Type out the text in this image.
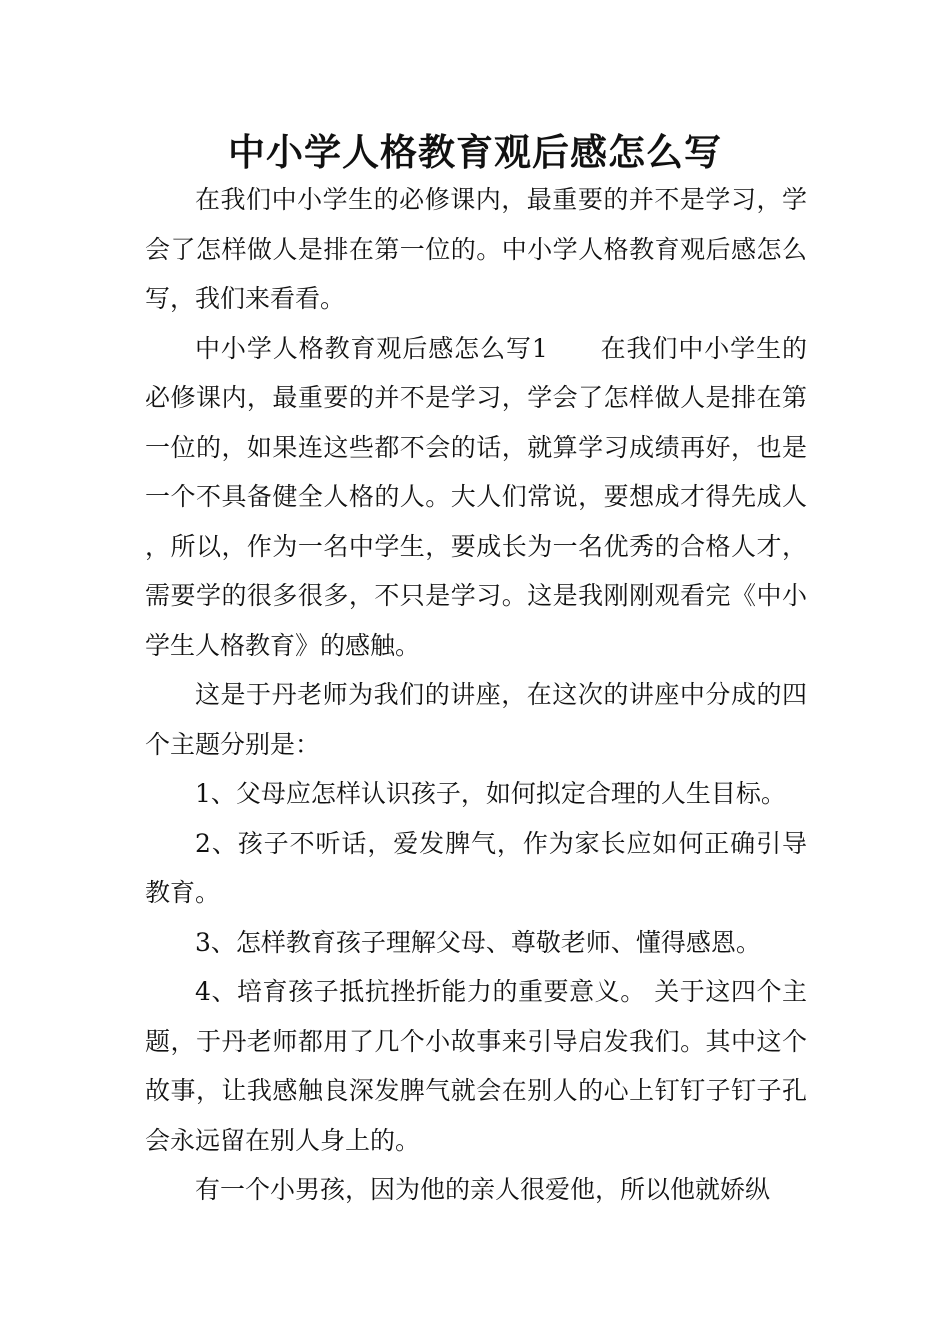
中小学人格教育观后感怎么写

在我们中小学生的必修课内，最重要的并不是学习，学会了怎样做人是排在第一位的。中小学人格教育观后感怎么写，我们来看看。

中小学人格教育观后感怎么写1　　在我们中小学生的必修课内，最重要的并不是学习，学会了怎样做人是排在第一位的，如果连这些都不会的话，就算学习成绩再好，也是一个不具备健全人格的人。大人们常说，要想成才得先成人，所以，作为一名中学生，要成长为一名优秀的合格人才，需要学的很多很多，不只是学习。这是我刚刚观看完《中小学生人格教育》的感触。

这是于丹老师为我们的讲座，在这次的讲座中分成的四个主题分别是：

1、父母应怎样认识孩子，如何拟定合理的人生目标。

2、孩子不听话，爱发脾气，作为家长应如何正确引导教育。

3、怎样教育孩子理解父母、尊敬老师、懂得感恩。

4、培育孩子抵抗挫折能力的重要意义。 关于这四个主题，于丹老师都用了几个小故事来引导启发我们。其中这个故事，让我感触良深发脾气就会在别人的心上钉钉子钉子孔会永远留在别人身上的。

有一个小男孩，因为他的亲人很爱他，所以他就娇纵
